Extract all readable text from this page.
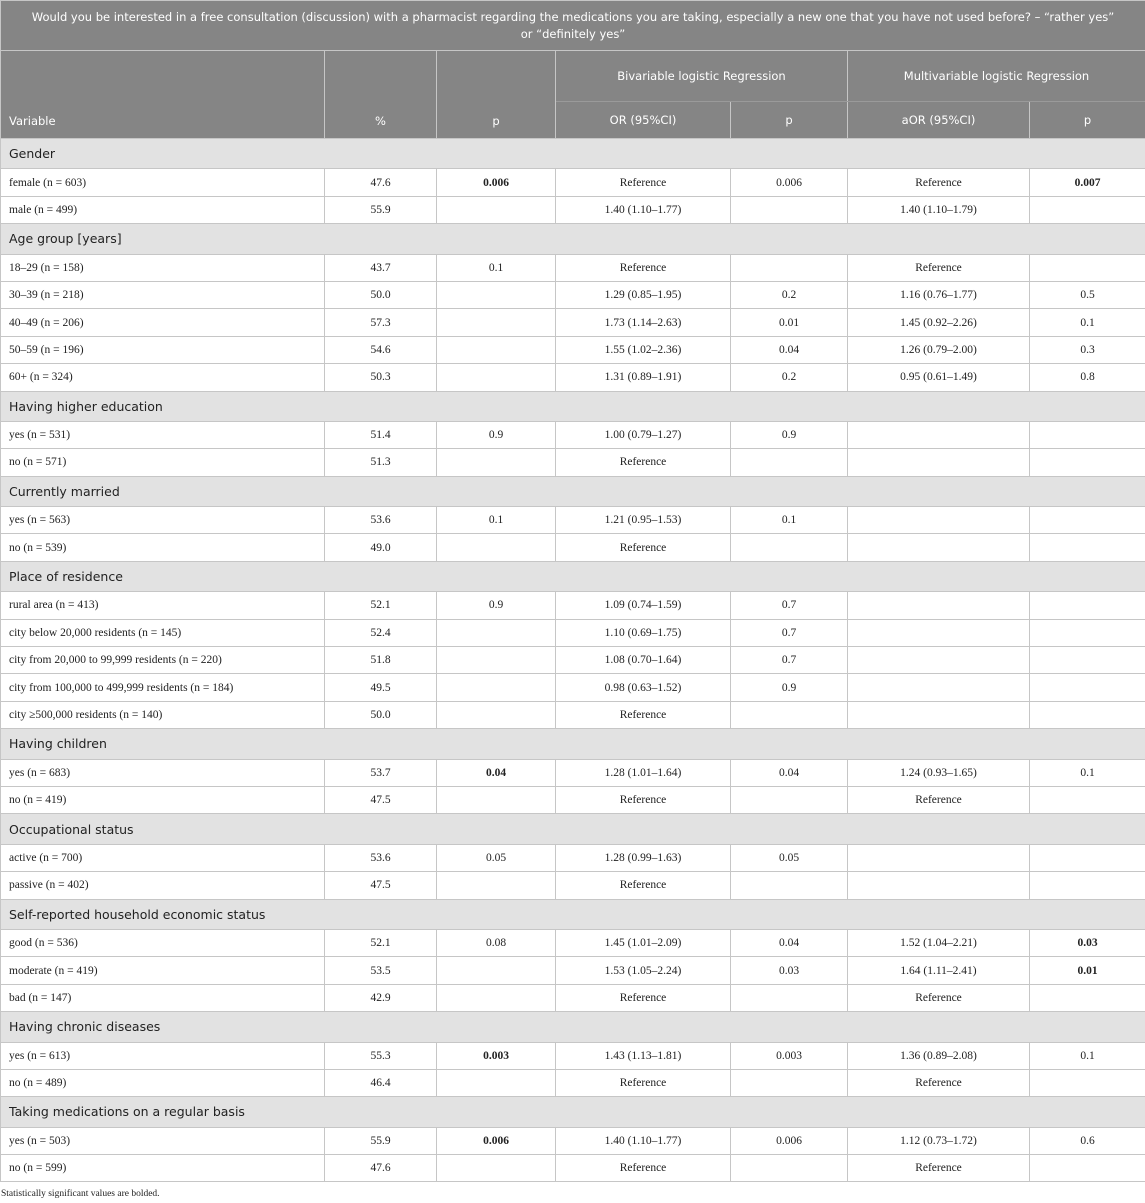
Would you be interested in a free consultation (discussion) with a pharmacist regarding the medications you are taking, especially a new one that you have not used before? – “rather yes” or “definitely yes”						
Variable	%	p	Bivariable logistic Regression		Multivariable logistic Regression	
			OR (95%CI)	p	aOR (95%CI)	p
Gender						
female (n = 603)	47.6	0.006	Reference	0.006	Reference	0.007
male (n = 499)	55.9		1.40 (1.10–1.77)		1.40 (1.10–1.79)	
Age group [years]						
18–29 (n = 158)	43.7	0.1	Reference		Reference	
30–39 (n = 218)	50.0		1.29 (0.85–1.95)	0.2	1.16 (0.76–1.77)	0.5
40–49 (n = 206)	57.3		1.73 (1.14–2.63)	0.01	1.45 (0.92–2.26)	0.1
50–59 (n = 196)	54.6		1.55 (1.02–2.36)	0.04	1.26 (0.79–2.00)	0.3
60+ (n = 324)	50.3		1.31 (0.89–1.91)	0.2	0.95 (0.61–1.49)	0.8
Having higher education						
yes (n = 531)	51.4	0.9	1.00 (0.79–1.27)	0.9		
no (n = 571)	51.3		Reference			
Currently married						
yes (n = 563)	53.6	0.1	1.21 (0.95–1.53)	0.1		
no (n = 539)	49.0		Reference			
Place of residence						
rural area (n = 413)	52.1	0.9	1.09 (0.74–1.59)	0.7		
city below 20,000 residents (n = 145)	52.4		1.10 (0.69–1.75)	0.7		
city from 20,000 to 99,999 residents (n = 220)	51.8		1.08 (0.70–1.64)	0.7		
city from 100,000 to 499,999 residents (n = 184)	49.5		0.98 (0.63–1.52)	0.9		
city ≥500,000 residents (n = 140)	50.0		Reference			
Having children						
yes (n = 683)	53.7	0.04	1.28 (1.01–1.64)	0.04	1.24 (0.93–1.65)	0.1
no (n = 419)	47.5		Reference		Reference	
Occupational status						
active (n = 700)	53.6	0.05	1.28 (0.99–1.63)	0.05		
passive (n = 402)	47.5		Reference			
Self-reported household economic status						
good (n = 536)	52.1	0.08	1.45 (1.01–2.09)	0.04	1.52 (1.04–2.21)	0.03
moderate (n = 419)	53.5		1.53 (1.05–2.24)	0.03	1.64 (1.11–2.41)	0.01
bad (n = 147)	42.9		Reference		Reference	
Having chronic diseases						
yes (n = 613)	55.3	0.003	1.43 (1.13–1.81)	0.003	1.36 (0.89–2.08)	0.1
no (n = 489)	46.4		Reference		Reference	
Taking medications on a regular basis						
yes (n = 503)	55.9	0.006	1.40 (1.10–1.77)	0.006	1.12 (0.73–1.72)	0.6
no (n = 599)	47.6		Reference		Reference	
Statistically significant values are bolded.
